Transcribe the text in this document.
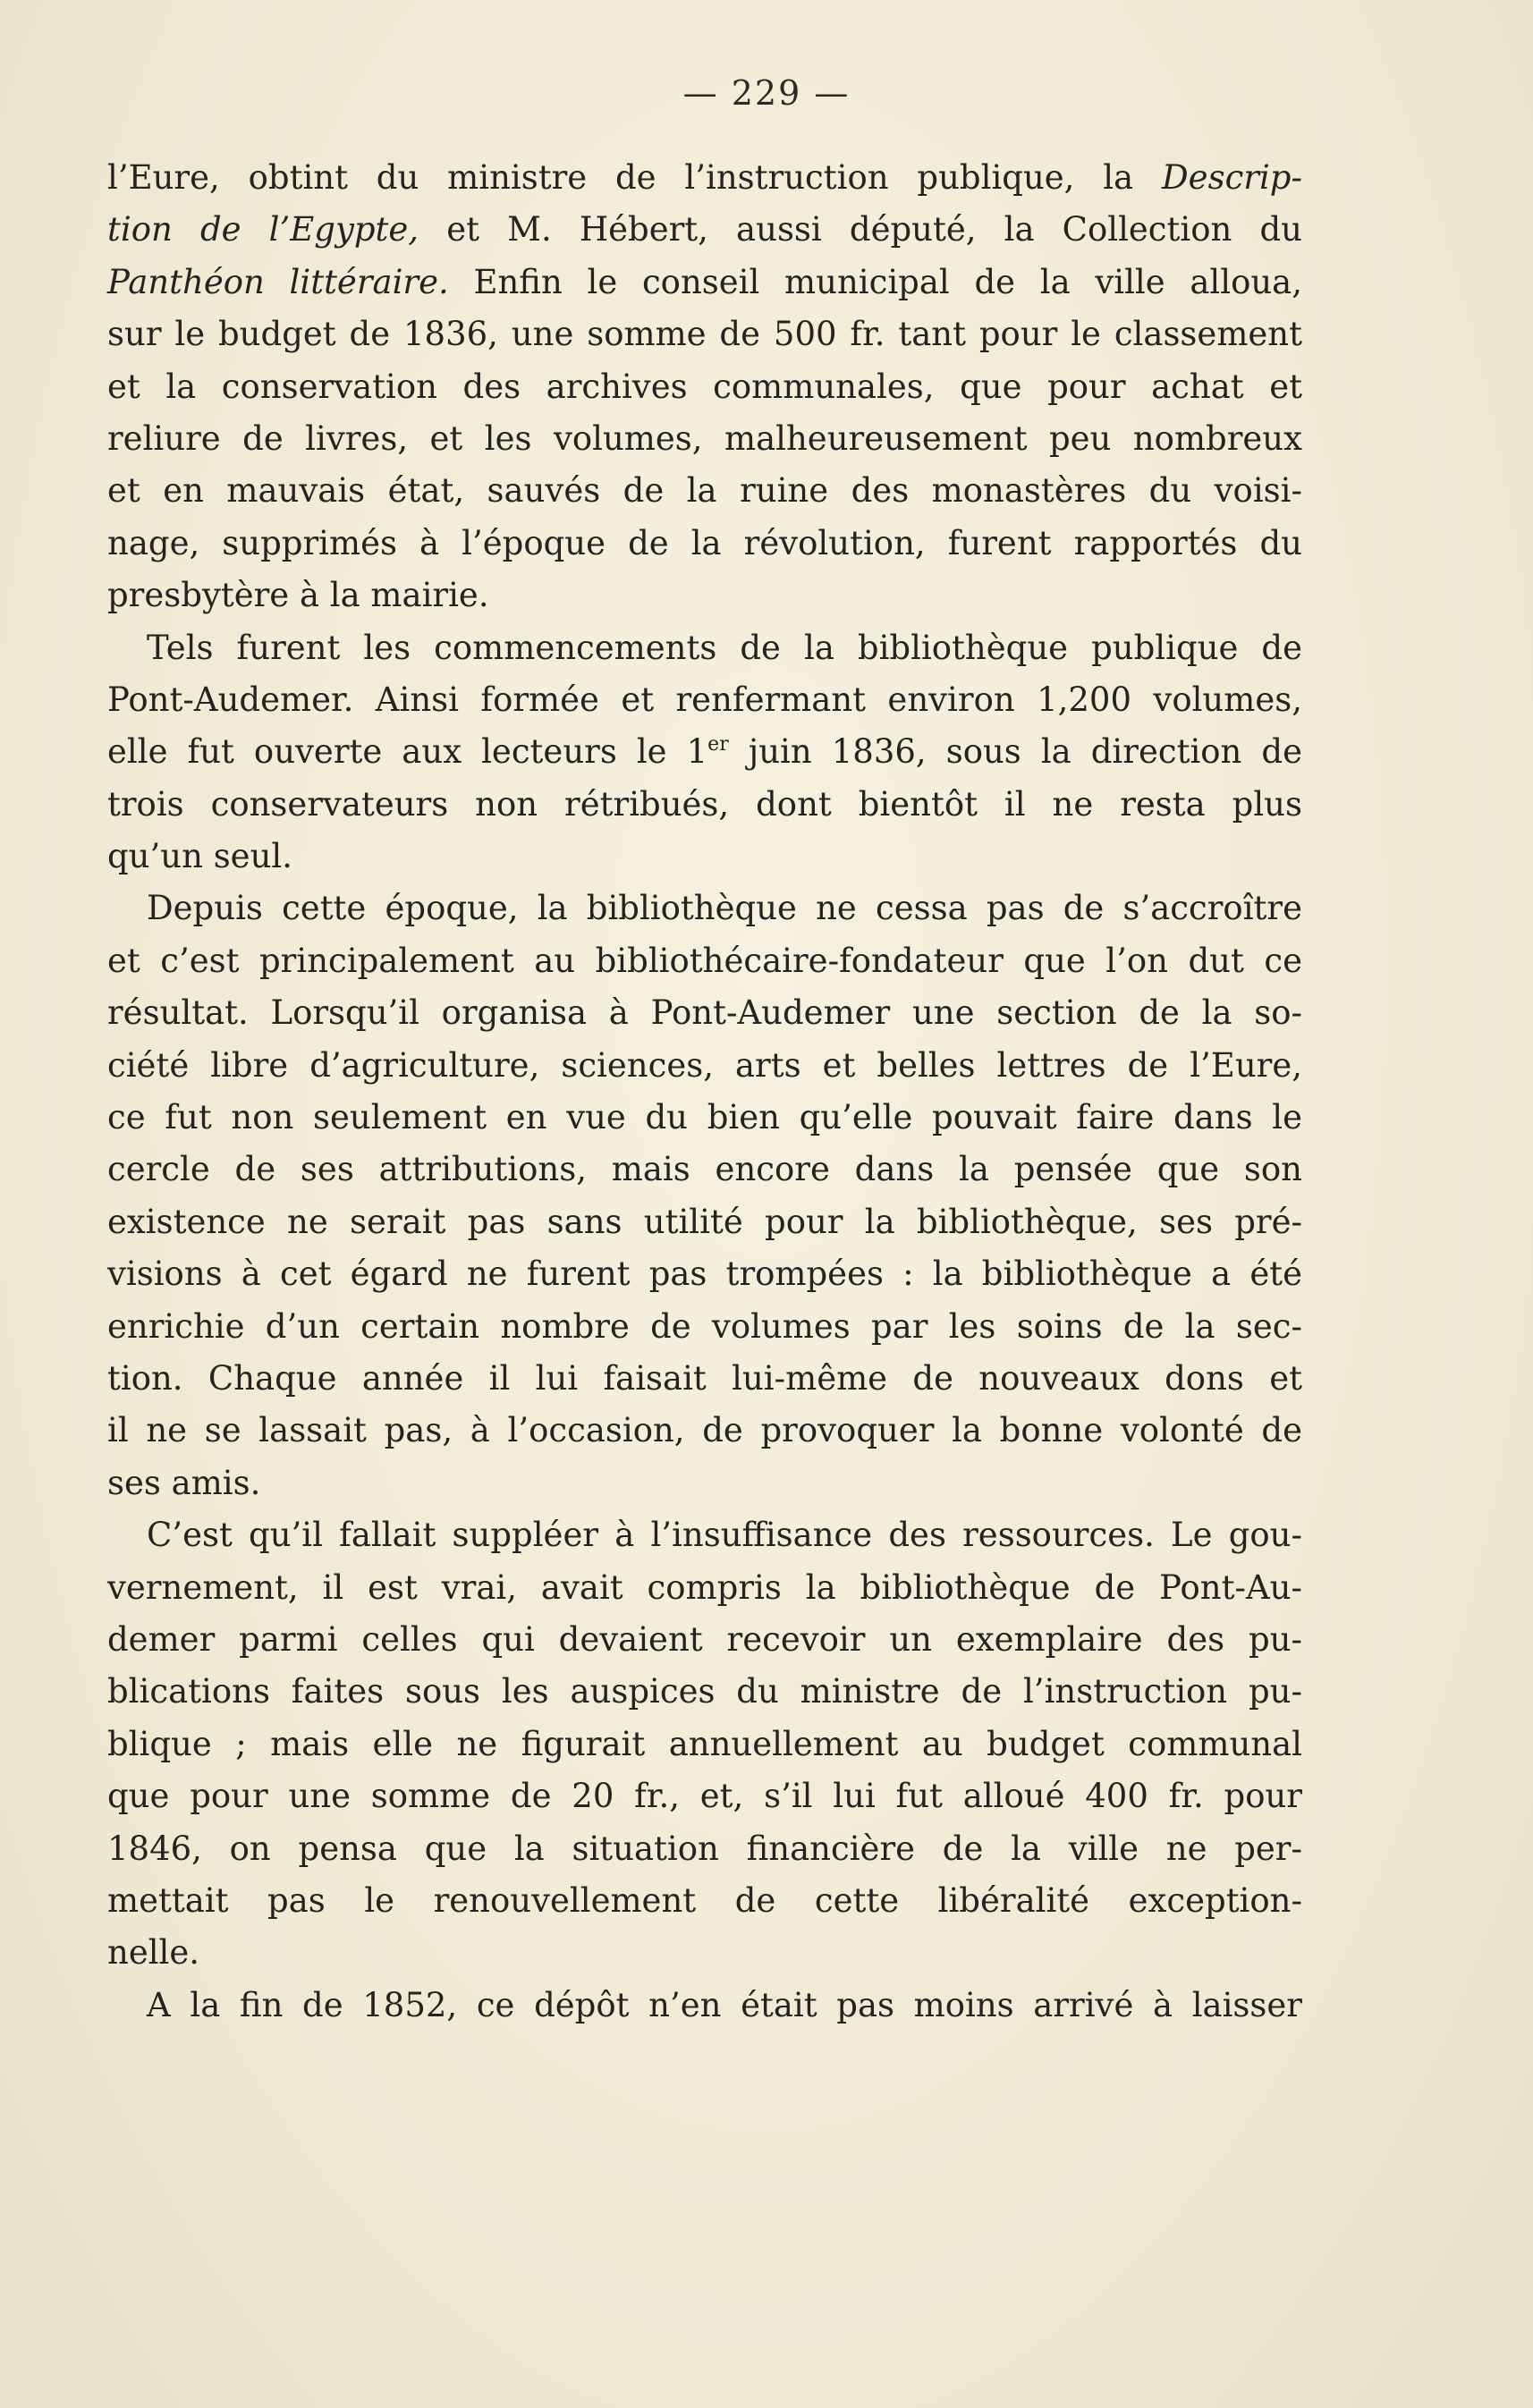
— 229 —
l’Eure, obtint du ministre de l’instruction publique, la Descrip-
tion de l’Egypte, et M. Hébert, aussi député, la Collection du
Panthéon littéraire. Enfin le conseil municipal de la ville alloua,
sur le budget de 1836, une somme de 500 fr. tant pour le classement
et la conservation des archives communales, que pour achat et
reliure de livres, et les volumes, malheureusement peu nombreux
et en mauvais état, sauvés de la ruine des monastères du voisi-
nage, supprimés à l’époque de la révolution, furent rapportés du
presbytère à la mairie.
Tels furent les commencements de la bibliothèque publique de
Pont-Audemer. Ainsi formée et renfermant environ 1,200 volumes,
elle fut ouverte aux lecteurs le 1er juin 1836, sous la direction de
trois conservateurs non rétribués, dont bientôt il ne resta plus
qu’un seul.
Depuis cette époque, la bibliothèque ne cessa pas de s’accroître
et c’est principalement au bibliothécaire-fondateur que l’on dut ce
résultat. Lorsqu’il organisa à Pont-Audemer une section de la so-
ciété libre d’agriculture, sciences, arts et belles lettres de l’Eure,
ce fut non seulement en vue du bien qu’elle pouvait faire dans le
cercle de ses attributions, mais encore dans la pensée que son
existence ne serait pas sans utilité pour la bibliothèque, ses pré-
visions à cet égard ne furent pas trompées : la bibliothèque a été
enrichie d’un certain nombre de volumes par les soins de la sec-
tion. Chaque année il lui faisait lui-même de nouveaux dons et
il ne se lassait pas, à l’occasion, de provoquer la bonne volonté de
ses amis.
C’est qu’il fallait suppléer à l’insuffisance des ressources. Le gou-
vernement, il est vrai, avait compris la bibliothèque de Pont-Au-
demer parmi celles qui devaient recevoir un exemplaire des pu-
blications faites sous les auspices du ministre de l’instruction pu-
blique ; mais elle ne figurait annuellement au budget communal
que pour une somme de 20 fr., et, s’il lui fut alloué 400 fr. pour
1846, on pensa que la situation financière de la ville ne per-
mettait pas le renouvellement de cette libéralité exception-
nelle.
A la fin de 1852, ce dépôt n’en était pas moins arrivé à laisser
